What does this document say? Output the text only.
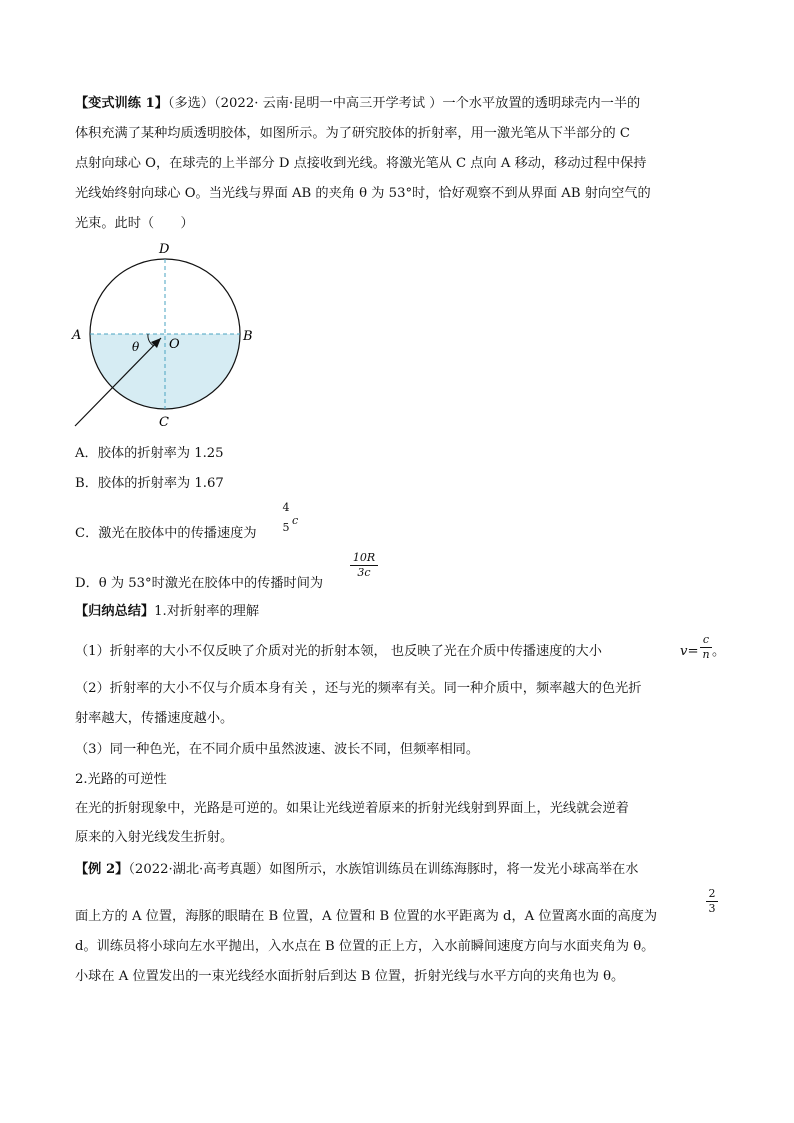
【变式训练 1】（多选）（2022· 云南·昆明一中高三开学考试 ）一个水平放置的透明球壳内一半的
体积充满了某种均质透明胶体，如图所示。为了研究胶体的折射率，用一激光笔从下半部分的 C
点射向球心 O，在球壳的上半部分 D 点接收到光线。将激光笔从 C 点向 A 移动，移动过程中保持
光线始终射向球心 O。当光线与界面 AB 的夹角 θ 为 53°时，恰好观察不到从界面 AB 射向空气的
光束。此时（　　）
D
A	B
C
O
θ
A．胶体的折射率为 1.25
B．胶体的折射率为 1.67
C．激光在胶体中的传播速度为
4
5
c
D．θ 为 53°时激光在胶体中的传播时间为
10R
3c
【归纳总结】1.对折射率的理解
（1）折射率的大小不仅反映了介质对光的折射本领， 也反映了光在介质中传播速度的大小	v=
c
n 。
（2）折射率的大小不仅与介质本身有关 ，还与光的频率有关。同一种介质中，频率越大的色光折
射率越大，传播速度越小。
（3）同一种色光，在不同介质中虽然波速、波长不同，但频率相同。
2.光路的可逆性
在光的折射现象中，光路是可逆的。如果让光线逆着原来的折射光线射到界面上，光线就会逆着
原来的入射光线发生折射。
【例 2】（2022·湖北·高考真题）如图所示，水族馆训练员在训练海豚时，将一发光小球高举在水
面上方的 A 位置，海豚的眼睛在 B 位置，A 位置和 B 位置的水平距离为 d，A 位置离水面的高度为
2
3
d。训练员将小球向左水平抛出，入水点在 B 位置的正上方，入水前瞬间速度方向与水面夹角为 θ。
小球在 A 位置发出的一束光线经水面折射后到达 B 位置，折射光线与水平方向的夹角也为 θ。
